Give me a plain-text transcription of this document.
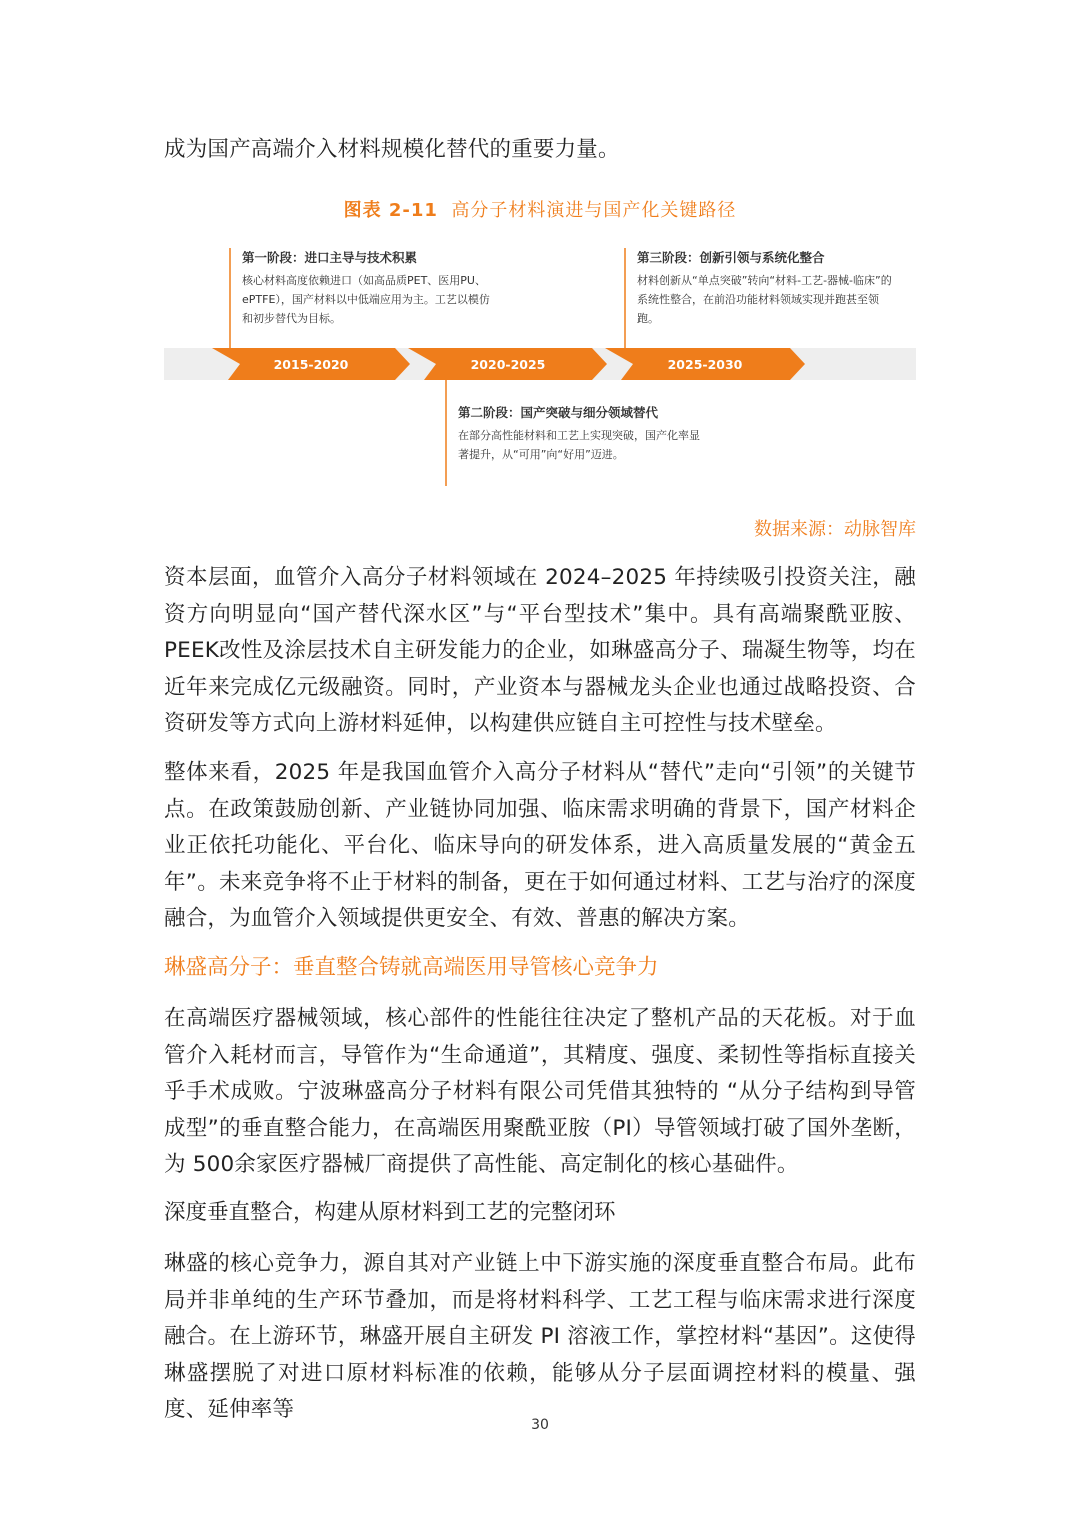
成为国产高端介入材料规模化替代的重要力量。

图表 2-11 高分子材料演进与国产化关键路径
2015-2020	2020-2025	2025-2030
第一阶段：进口主导与技术积累
核心材料高度依赖进口（如高品质PET、医用PU、ePTFE），国产材料以中低端应用为主。工艺以模仿和初步替代为目标。
第三阶段：创新引领与系统化整合
材料创新从“单点突破”转向“材料-工艺-器械-临床”的系统性整合，在前沿功能材料领域实现并跑甚至领跑。
第二阶段：国产突破与细分领域替代
在部分高性能材料和工艺上实现突破，国产化率显著提升，从“可用”向“好用”迈进。
数据来源：动脉智库

资本层面，血管介入高分子材料领域在 2024–2025 年持续吸引投资关注，融资方向明显向“国产替代深水区”与“平台型技术”集中。具有高端聚酰亚胺、PEEK改性及涂层技术自主研发能力的企业，如琳盛高分子、瑞凝生物等，均在近年来完成亿元级融资。同时，产业资本与器械龙头企业也通过战略投资、合资研发等方式向上游材料延伸，以构建供应链自主可控性与技术壁垒。

整体来看，2025 年是我国血管介入高分子材料从“替代”走向“引领”的关键节点。在政策鼓励创新、产业链协同加强、临床需求明确的背景下，国产材料企业正依托功能化、平台化、临床导向的研发体系，进入高质量发展的“黄金五年”。未来竞争将不止于材料的制备，更在于如何通过材料、工艺与治疗的深度融合，为血管介入领域提供更安全、有效、普惠的解决方案。

琳盛高分子：垂直整合铸就高端医用导管核心竞争力

在高端医疗器械领域，核心部件的性能往往决定了整机产品的天花板。对于血管介入耗材而言，导管作为“生命通道”，其精度、强度、柔韧性等指标直接关乎手术成败。宁波琳盛高分子材料有限公司凭借其独特的 “从分子结构到导管成型”的垂直整合能力，在高端医用聚酰亚胺（PI）导管领域打破了国外垄断，为 500余家医疗器械厂商提供了高性能、高定制化的核心基础件。

深度垂直整合，构建从原材料到工艺的完整闭环

琳盛的核心竞争力，源自其对产业链上中下游实施的深度垂直整合布局。此布局并非单纯的生产环节叠加，而是将材料科学、工艺工程与临床需求进行深度融合。在上游环节，琳盛开展自主研发 PI 溶液工作，掌控材料“基因”。这使得琳盛摆脱了对进口原材料标准的依赖，能够从分子层面调控材料的模量、强度、延伸率等

30
